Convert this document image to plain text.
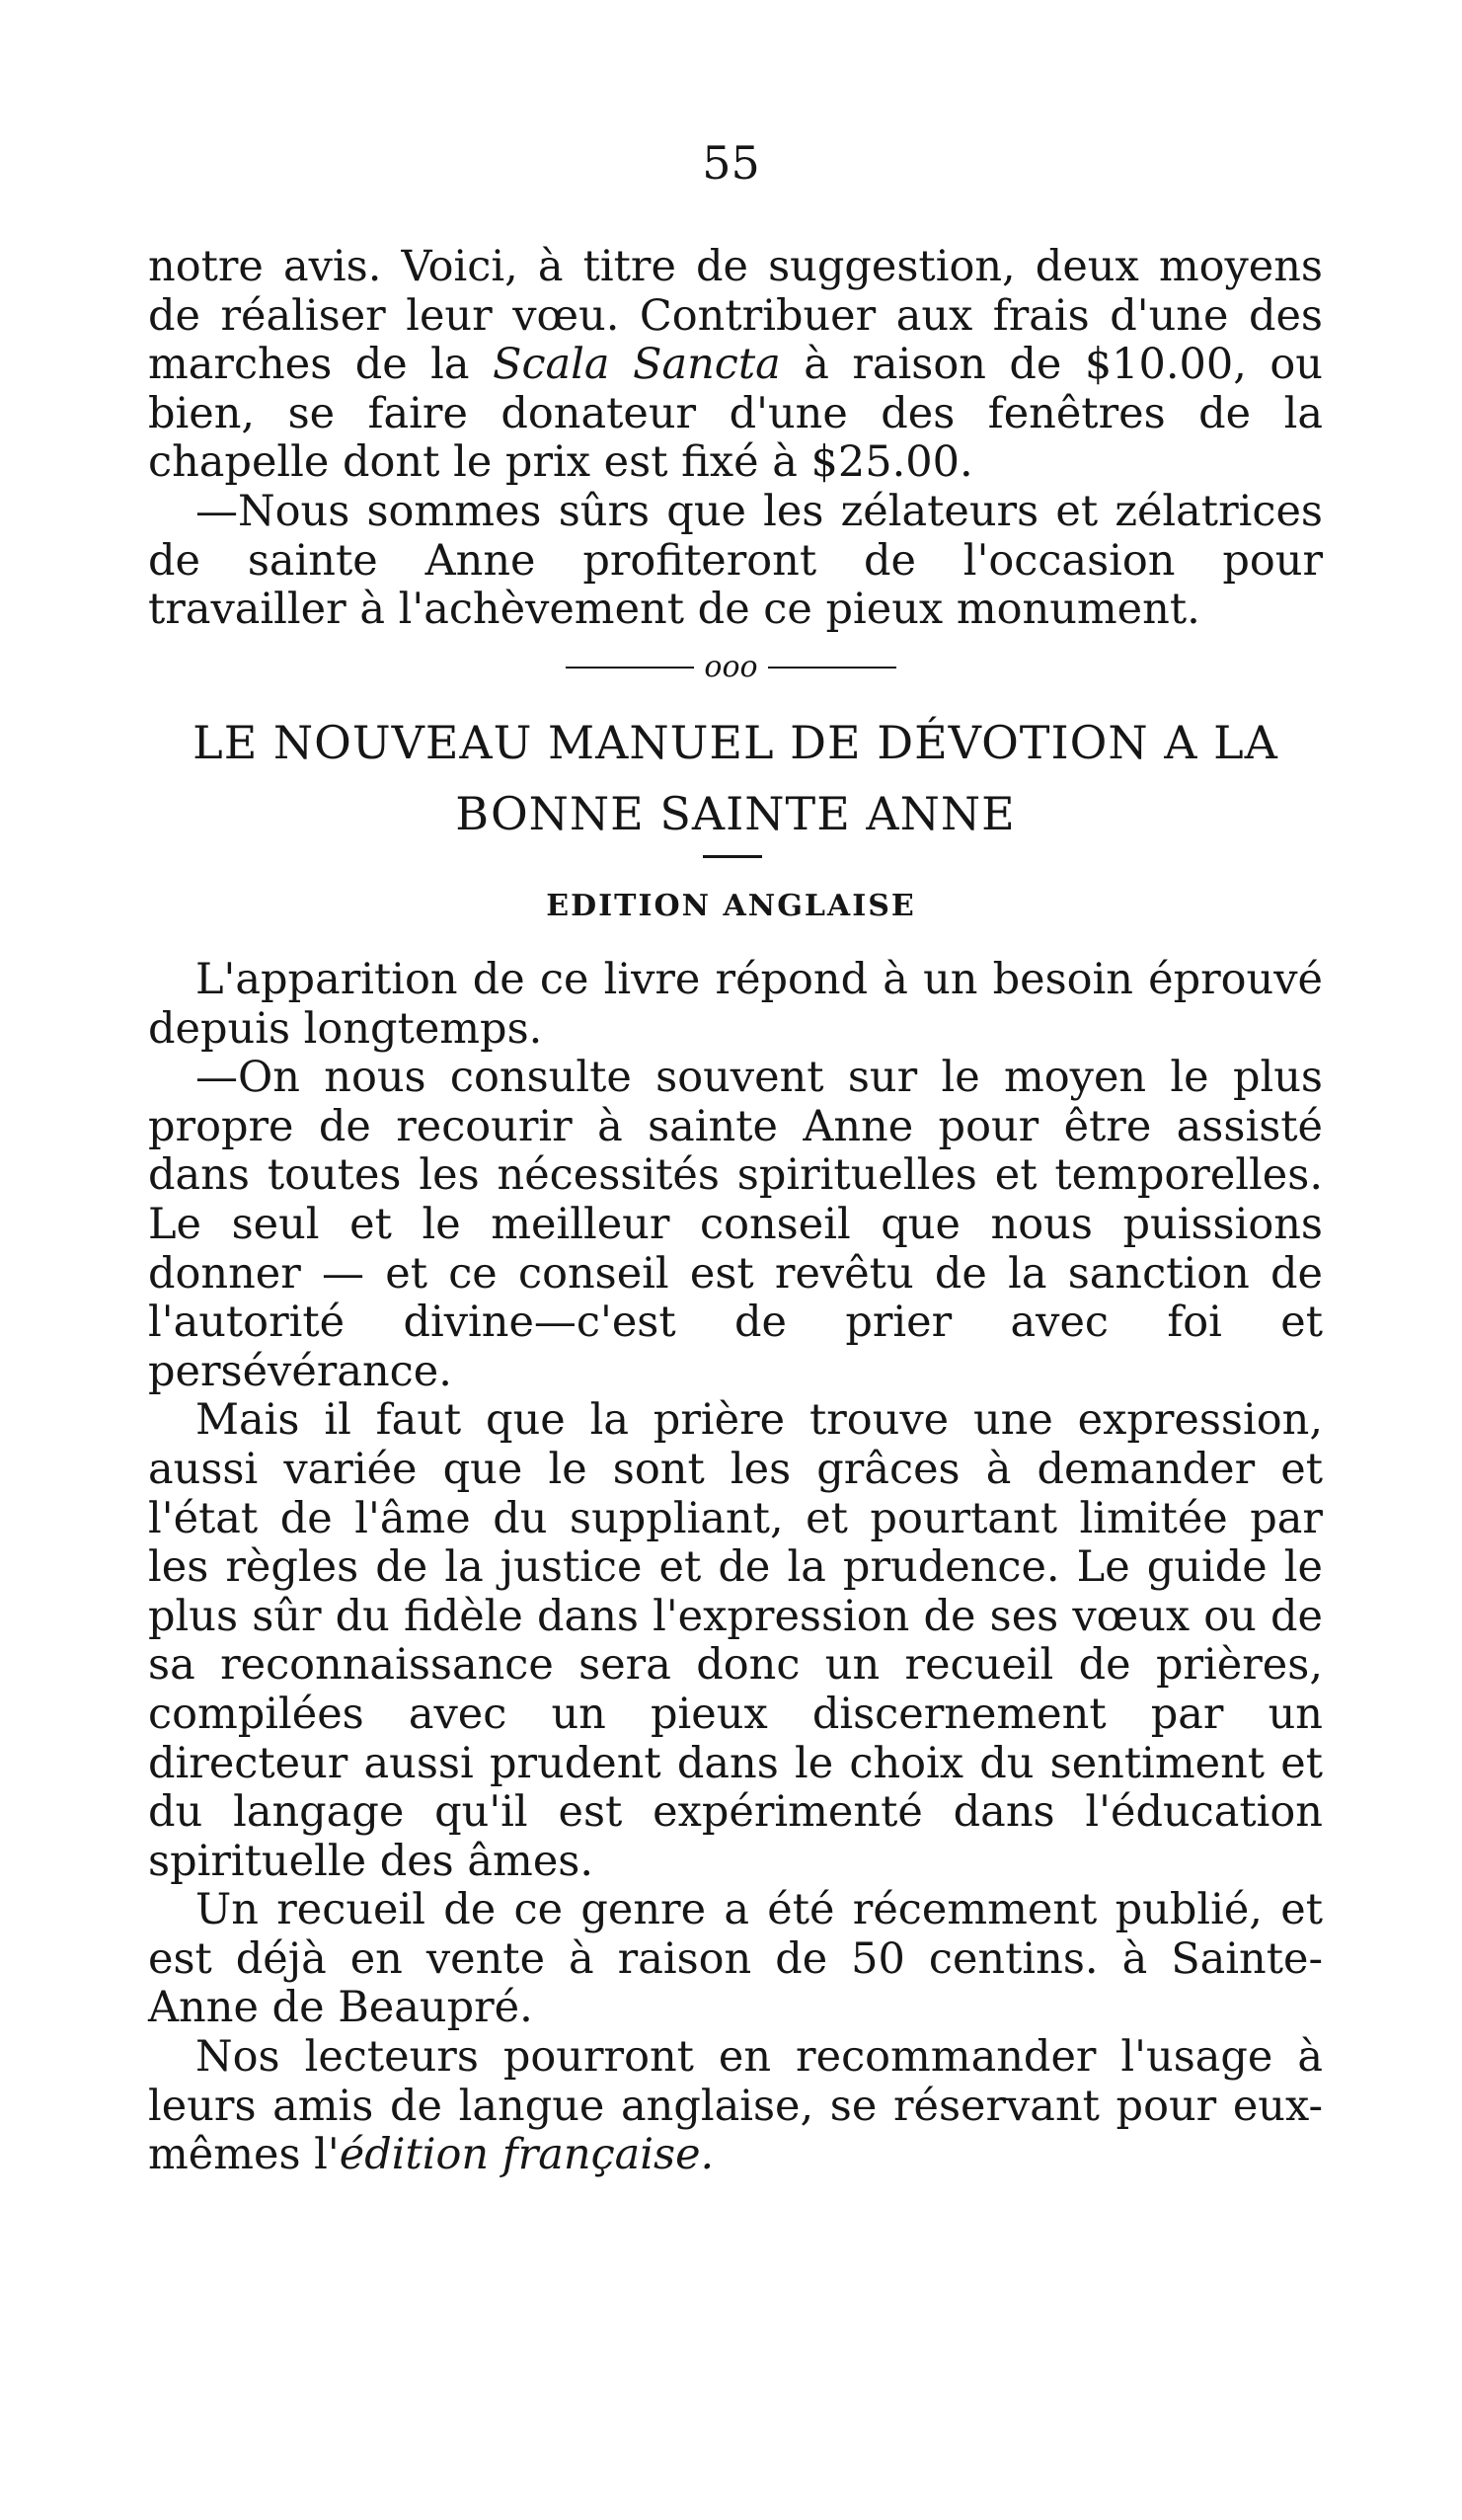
55

notre avis. Voici, à titre de suggestion, deux moyens de réaliser leur vœu. Contribuer aux frais d'une des marches de la Scala Sancta à raison de $10.00, ou bien, se faire donateur d'une des fenêtres de la chapelle dont le prix est fixé à $25.00.

—Nous sommes sûrs que les zélateurs et zélatrices de sainte Anne profiteront de l'occasion pour travailler à l'achèvement de ce pieux monument.

ooo
LE NOUVEAU MANUEL DE DÉVOTION A LA
BONNE SAINTE ANNE
EDITION ANGLAISE

L'apparition de ce livre répond à un besoin éprouvé depuis longtemps.

—On nous consulte souvent sur le moyen le plus propre de recourir à sainte Anne pour être assisté dans toutes les nécessités spirituelles et temporelles. Le seul et le meilleur conseil que nous puissions donner — et ce conseil est revêtu de la sanction de l'autorité divine—c'est de prier avec foi et persévérance.

Mais il faut que la prière trouve une expression, aussi variée que le sont les grâces à demander et l'état de l'âme du suppliant, et pourtant limitée par les règles de la justice et de la prudence. Le guide le plus sûr du fidèle dans l'expression de ses vœux ou de sa reconnaissance sera donc un recueil de prières, compilées avec un pieux discernement par un directeur aussi prudent dans le choix du sentiment et du langage qu'il est expérimenté dans l'éducation spirituelle des âmes.

Un recueil de ce genre a été récemment publié, et est déjà en vente à raison de 50 centins. à Sainte-Anne de Beaupré.

Nos lecteurs pourront en recommander l'usage à leurs amis de langue anglaise, se réservant pour eux-mêmes l'édition française.
